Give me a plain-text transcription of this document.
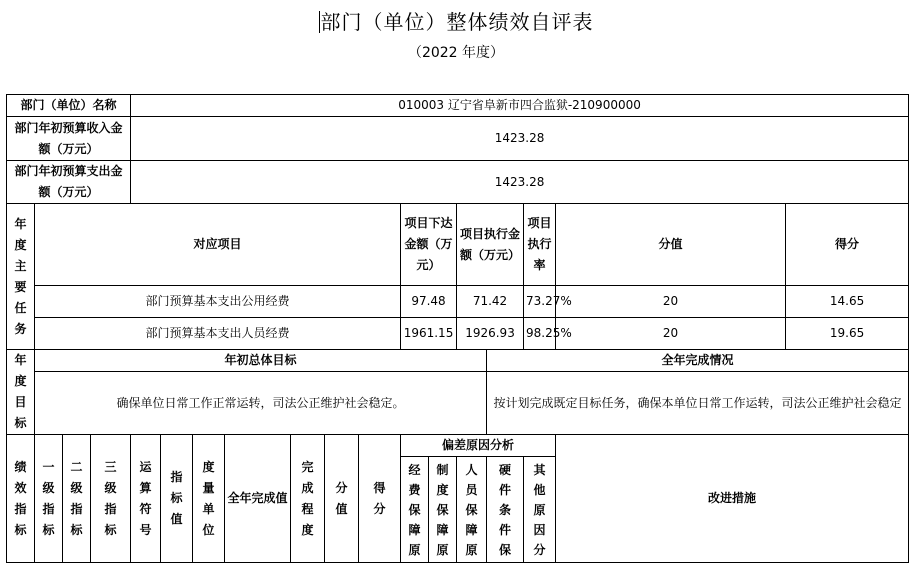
部门（单位）整体绩效自评表
（2022 年度）
部门（单位）名称				010003 辽宁省阜新市四合监狱-210900000													
部门年初预算收入金额（万元）				1423.28													
部门年初预算支出金额（万元）				1423.28													

年度主要任务	对应项目										项目下达金额（万元）		项目执行金额（万元）		项目执行率	分值	得分
	部门预算基本支出公用经费										97.48		71.42		73.27%	20	14.65
	部门预算基本支出人员经费										1961.15		1926.93		98.25%	20	19.65

年度目标	年初总体目标													全年完成情况			
	确保单位日常工作正常运转，司法公正维护社会稳定。													按计划完成既定目标任务，确保本单位日常工作运转，司法公正维护社会稳定			

绩效指标	一级指标	二级指标	三级指标	运算符号	指标值	度量单位	全年完成值	完成程度	分值	得分	偏差原因分析					改进措施	

											经费保障原	制度保障原	人员保障原	硬件条件保	其他原因分		
